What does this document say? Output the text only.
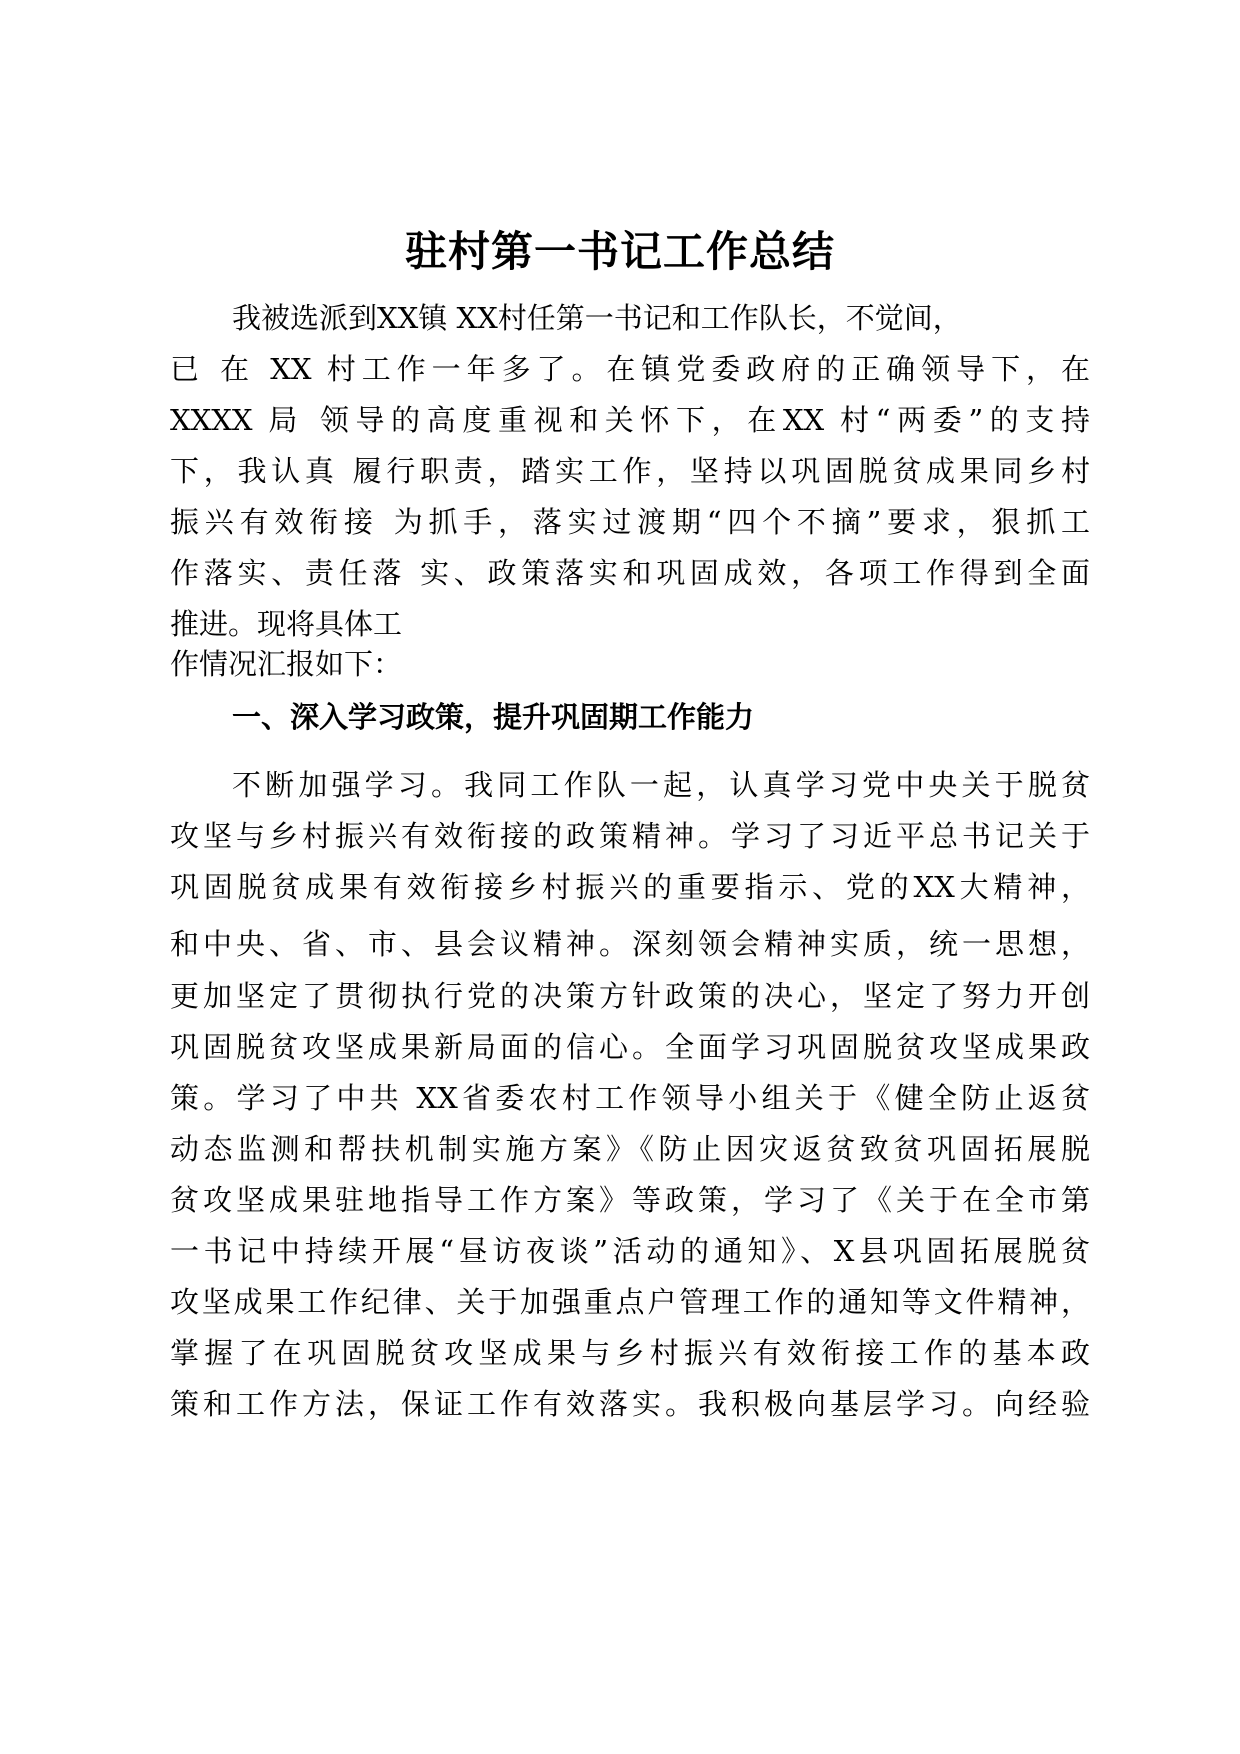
驻村第一书记工作总结
我被选派到XX镇 XX村任第一书记和工作队长，不觉间，
已 在 XX 村工作一年多了。在镇党委政府的正确领导下，在
XXXX 局 领导的高度重视和关怀下，在XX 村“两委”的支持
下，我认真 履行职责，踏实工作，坚持以巩固脱贫成果同乡村
振兴有效衔接 为抓手，落实过渡期“四个不摘”要求，狠抓工
作落实、责任落 实、政策落实和巩固成效，各项工作得到全面
推进。现将具体工
作情况汇报如下：
一、深入学习政策，提升巩固期工作能力
不断加强学习。我同工作队一起，认真学习党中央关于脱贫
攻坚与乡村振兴有效衔接的政策精神。学习了习近平总书记关于
巩固脱贫成果有效衔接乡村振兴的重要指示、党的XX大精神，
和中央、省、市、县会议精神。深刻领会精神实质，统一思想，
更加坚定了贯彻执行党的决策方针政策的决心，坚定了努力开创
巩固脱贫攻坚成果新局面的信心。全面学习巩固脱贫攻坚成果政
策。学习了中共 XX省委农村工作领导小组关于《健全防止返贫
动态监测和帮扶机制实施方案》《防止因灾返贫致贫巩固拓展脱
贫攻坚成果驻地指导工作方案》等政策，学习了《关于在全市第
一书记中持续开展“昼访夜谈”活动的通知》、X县巩固拓展脱贫
攻坚成果工作纪律、关于加强重点户管理工作的通知等文件精神，
掌握了在巩固脱贫攻坚成果与乡村振兴有效衔接工作的基本政
策和工作方法，保证工作有效落实。我积极向基层学习。向经验
